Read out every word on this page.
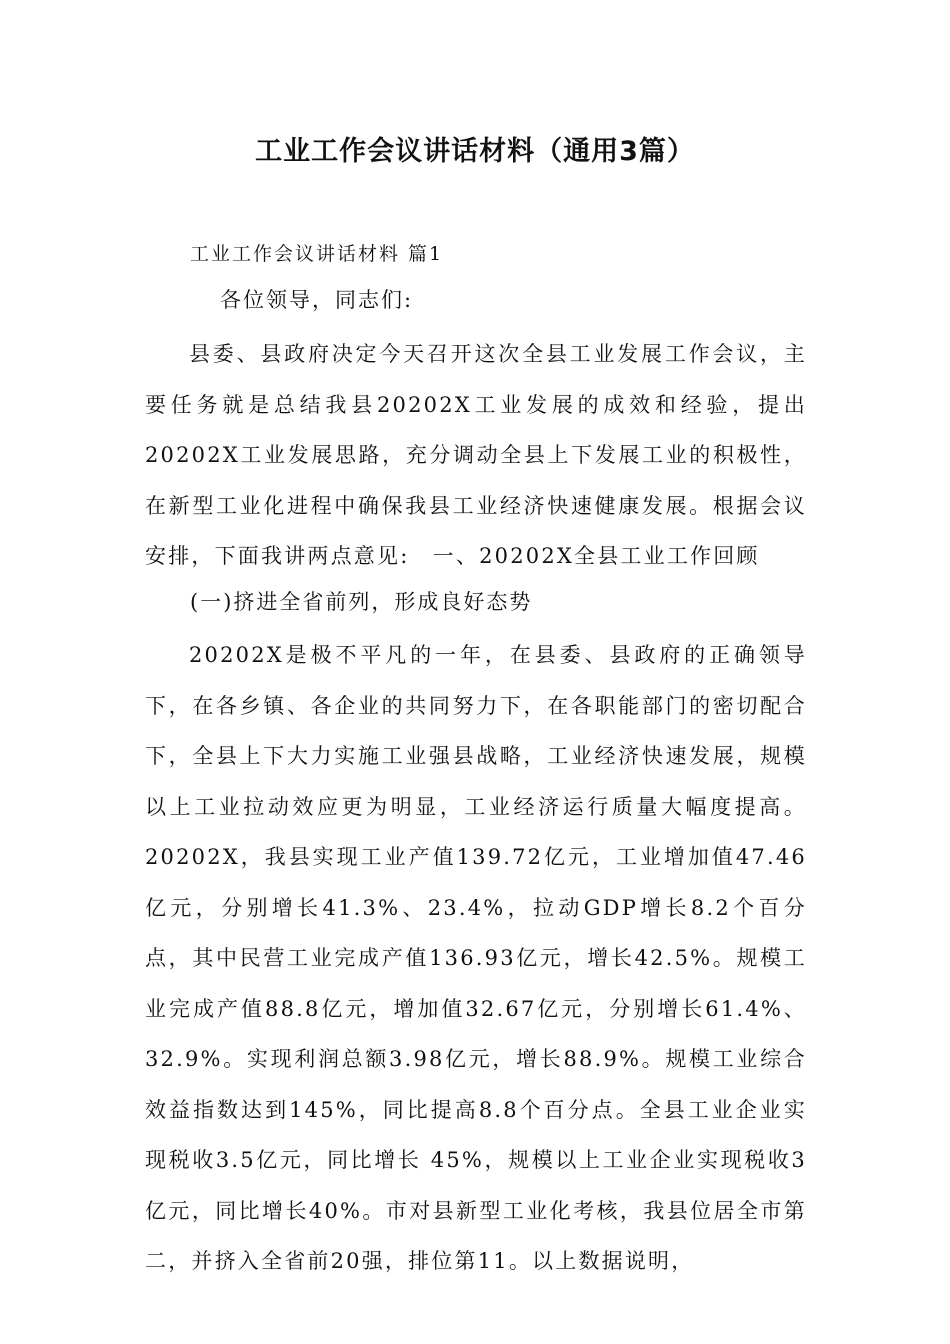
工业工作会议讲话材料（通用3篇）

工业工作会议讲话材料 篇1

各位领导，同志们:

县委、县政府决定今天召开这次全县工业发展工作会议，主要任务就是总结我县20202X工业发展的成效和经验，提出20202X工业发展思路，充分调动全县上下发展工业的积极性，在新型工业化进程中确保我县工业经济快速健康发展。根据会议安排，下面我讲两点意见:　一、20202X全县工业工作回顾

(一)挤进全省前列，形成良好态势

20202X是极不平凡的一年，在县委、县政府的正确领导下，在各乡镇、各企业的共同努力下，在各职能部门的密切配合下，全县上下大力实施工业强县战略，工业经济快速发展，规模以上工业拉动效应更为明显，工业经济运行质量大幅度提高。20202X，我县实现工业产值139.72亿元，工业增加值47.46亿元，分别增长41.3%、23.4%，拉动GDP增长8.2个百分点，其中民营工业完成产值136.93亿元，增长42.5%。规模工业完成产值88.8亿元，增加值32.67亿元，分别增长61.4%、32.9%。实现利润总额3.98亿元，增长88.9%。规模工业综合效益指数达到145%，同比提高8.8个百分点。全县工业企业实现税收3.5亿元，同比增长 45%，规模以上工业企业实现税收3亿元，同比增长40%。市对县新型工业化考核，我县位居全市第二，并挤入全省前20强，排位第11。以上数据说明，
